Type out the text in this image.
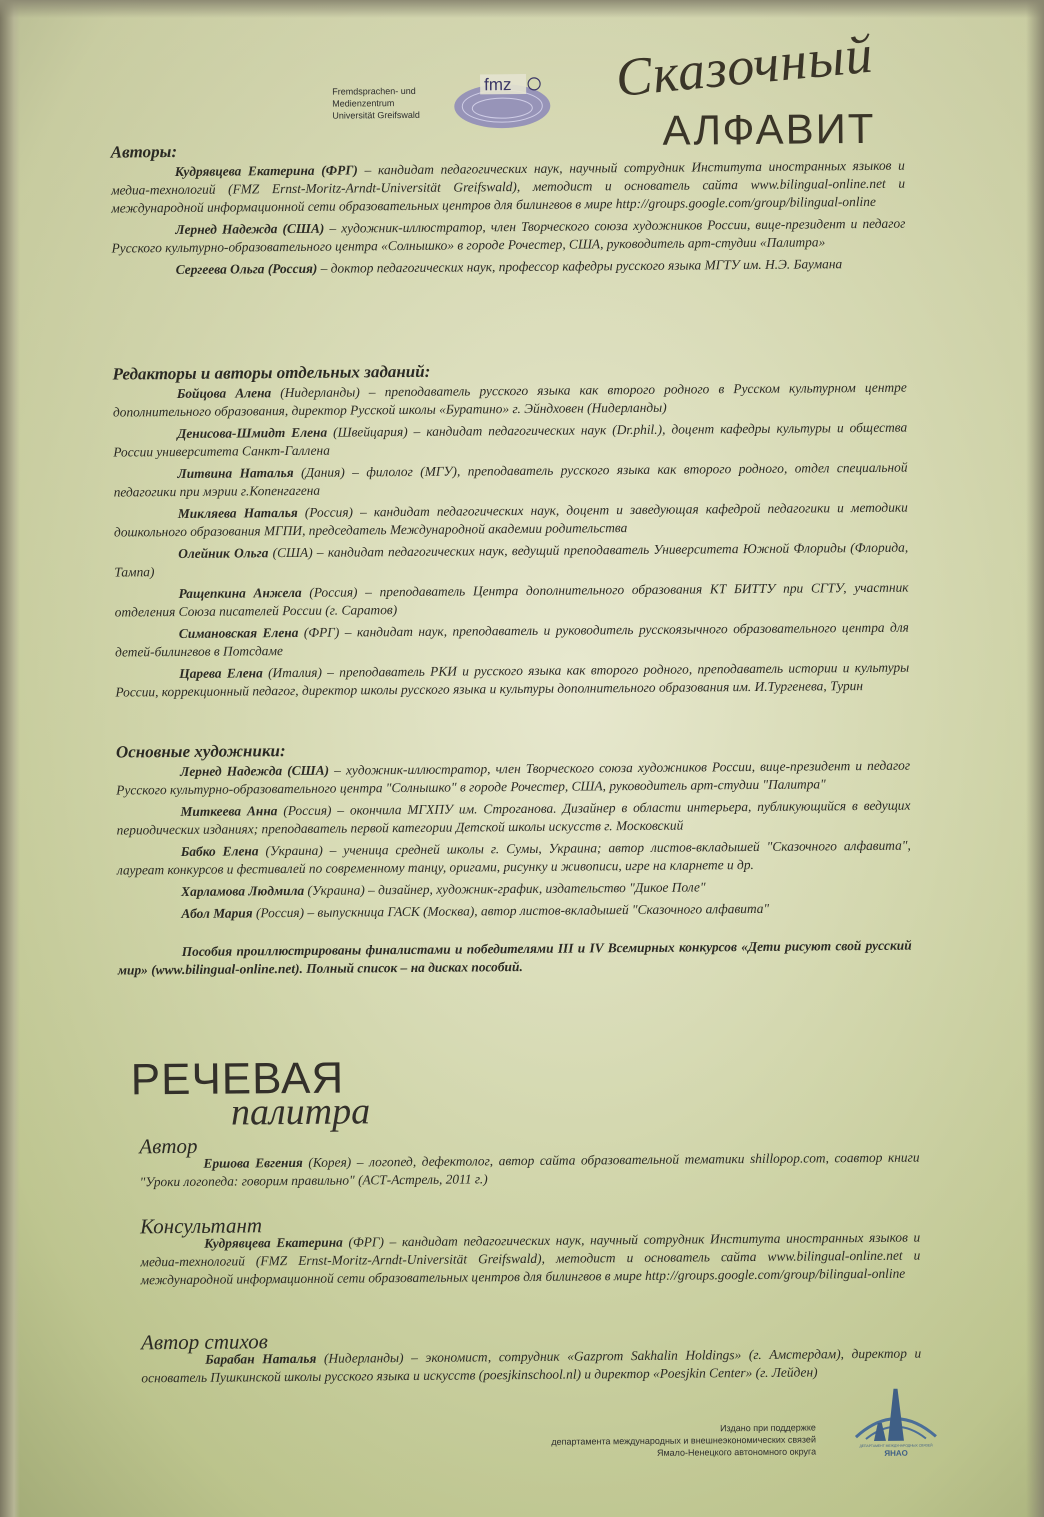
Fremdsprachen- und
Medienzentrum
Universität Greifswald
fmz Сказочный
АЛФАВИТ
Авторы:
Кудрявцева Екатерина (ФРГ) – кандидат педагогических наук, научный сотрудник Института иностранных языков и медиа-технологий (FMZ Ernst-Moritz-Arndt-Universität Greifswald), методист и основатель сайта www.bilingual-online.net и международной информационной сети образовательных центров для билингвов в мире http://groups.google.com/group/bilingual-online
Лернед Надежда (США) – художник-иллюстратор, член Творческого союза художников России, вице-президент и педагог Русского культурно-образовательного центра «Солнышко» в городе Рочестер, США, руководитель арт-студии «Палитра»
Сергеева Ольга (Россия) – доктор педагогических наук, профессор кафедры русского языка МГТУ им. Н.Э. Баумана
Редакторы и авторы отдельных заданий:
Бойцова Алена (Нидерланды) – преподаватель русского языка как второго родного в Русском культурном центре дополнительного образования, директор Русской школы «Буратино» г. Эйндховен (Нидерланды)
Денисова-Шмидт Елена (Швейцария) – кандидат педагогических наук (Dr.phil.), доцент кафедры культуры и общества России университета Санкт-Галлена
Литвина Наталья (Дания) – филолог (МГУ), преподаватель русского языка как второго родного, отдел специальной педагогики при мэрии г.Копенгагена
Микляева Наталья (Россия) – кандидат педагогических наук, доцент и заведующая кафедрой педагогики и методики дошкольного образования МГПИ, председатель Международной академии родительства
Олейник Ольга (США) – кандидат педагогических наук, ведущий преподаватель Университета Южной Флориды (Флорида, Тампа)
Ращепкина Анжела (Россия) – преподаватель Центра дополнительного образования КТ БИТТУ при СГТУ, участник отделения Союза писателей России (г. Саратов)
Симановская Елена (ФРГ) – кандидат наук, преподаватель и руководитель русскоязычного образовательного центра для детей-билингвов в Потсдаме
Царева Елена (Италия) – преподаватель РКИ и русского языка как второго родного, преподаватель истории и культуры России, коррекционный педагог, директор школы русского языка и культуры дополнительного образования им. И.Тургенева, Турин
Основные художники:
Лернед Надежда (США) – художник-иллюстратор, член Творческого союза художников России, вице-президент и педагог Русского культурно-образовательного центра "Солнышко" в городе Рочестер, США, руководитель арт-студии "Палитра"
Миткеева Анна (Россия) – окончила МГХПУ им. Строганова. Дизайнер в области интерьера, публикующийся в ведущих периодических изданиях; преподаватель первой категории Детской школы искусств г. Московский
Бабко Елена (Украина) – ученица средней школы г. Сумы, Украина; автор листов-вкладышей "Сказочного алфавита", лауреат конкурсов и фестивалей по современному танцу, оригами, рисунку и живописи, игре на кларнете и др.
Харламова Людмила (Украина) – дизайнер, художник-график, издательство "Дикое Поле"
Абол Мария (Россия) – выпускница ГАСК (Москва), автор листов-вкладышей "Сказочного алфавита"
Пособия проиллюстрированы финалистами и победителями III и IV Всемирных конкурсов «Дети рисуют свой русский мир» (www.bilingual-online.net). Полный список – на дисках пособий.
РЕЧЕВАЯ
палитра
Автор
Ершова Евгения (Корея) – логопед, дефектолог, автор сайта образовательной тематики shillopop.com, соавтор книги "Уроки логопеда: говорим правильно" (АСТ-Астрель, 2011 г.)
Консультант
Кудрявцева Екатерина (ФРГ) – кандидат педагогических наук, научный сотрудник Института иностранных языков и медиа-технологий (FMZ Ernst-Moritz-Arndt-Universität Greifswald), методист и основатель сайта www.bilingual-online.net и международной информационной сети образовательных центров для билингвов в мире http://groups.google.com/group/bilingual-online
Автор стихов
Барабан Наталья (Нидерланды) – экономист, сотрудник «Gazprom Sakhalin Holdings» (г. Амстердам), директор и основатель Пушкинской школы русского языка и искусств (poesjkinschool.nl) и директор «Poesjkin Center» (г. Лейден)
Издано при поддержке
департамента международных и внешнеэкономических связей
Ямало-Ненецкого автономного округа
ДЕПАРТАМЕНТ МЕЖДУНАРОДНЫХ СВЯЗЕЙ
ЯНАО
